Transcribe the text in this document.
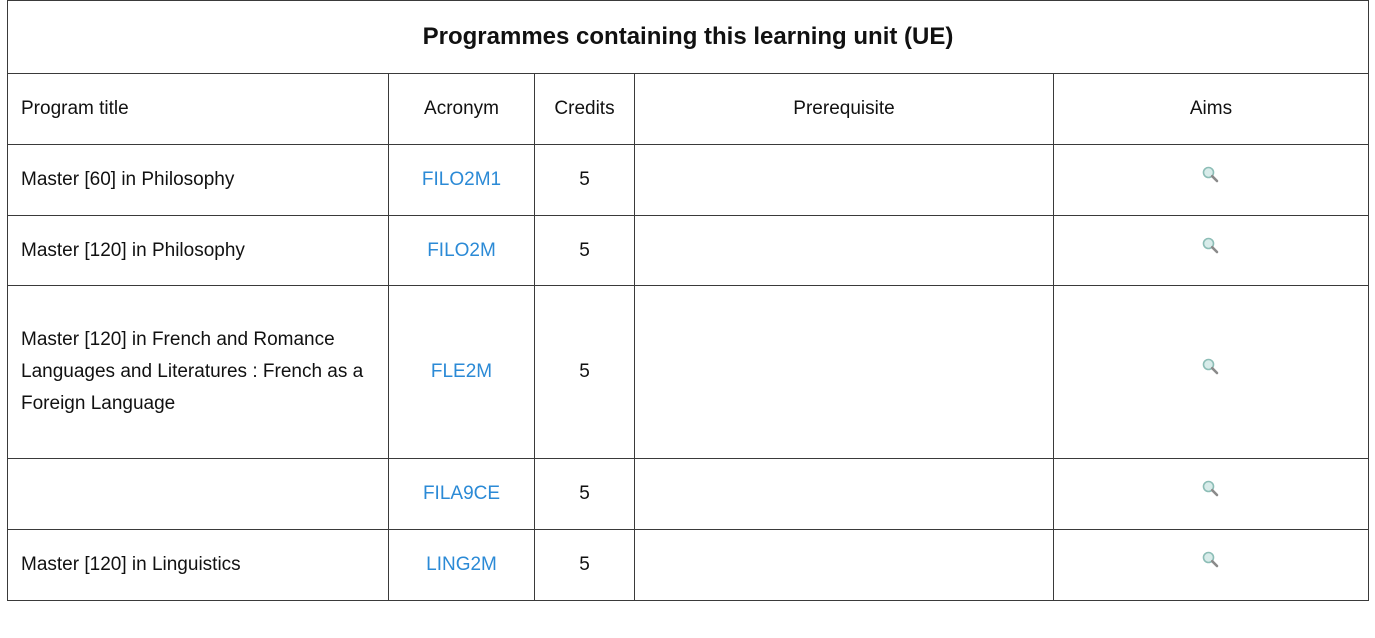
Programmes containing this learning unit (UE)
Program title	Acronym	Credits	Prerequisite	Aims
Master [60] in Philosophy	FILO2M1	5		

Master [120] in Philosophy	FILO2M	5		

Master [120] in French and Romance Languages and Literatures : French as a Foreign Language	FLE2M	5		

	FILA9CE	5		

Master [120] in Linguistics	LING2M	5		
